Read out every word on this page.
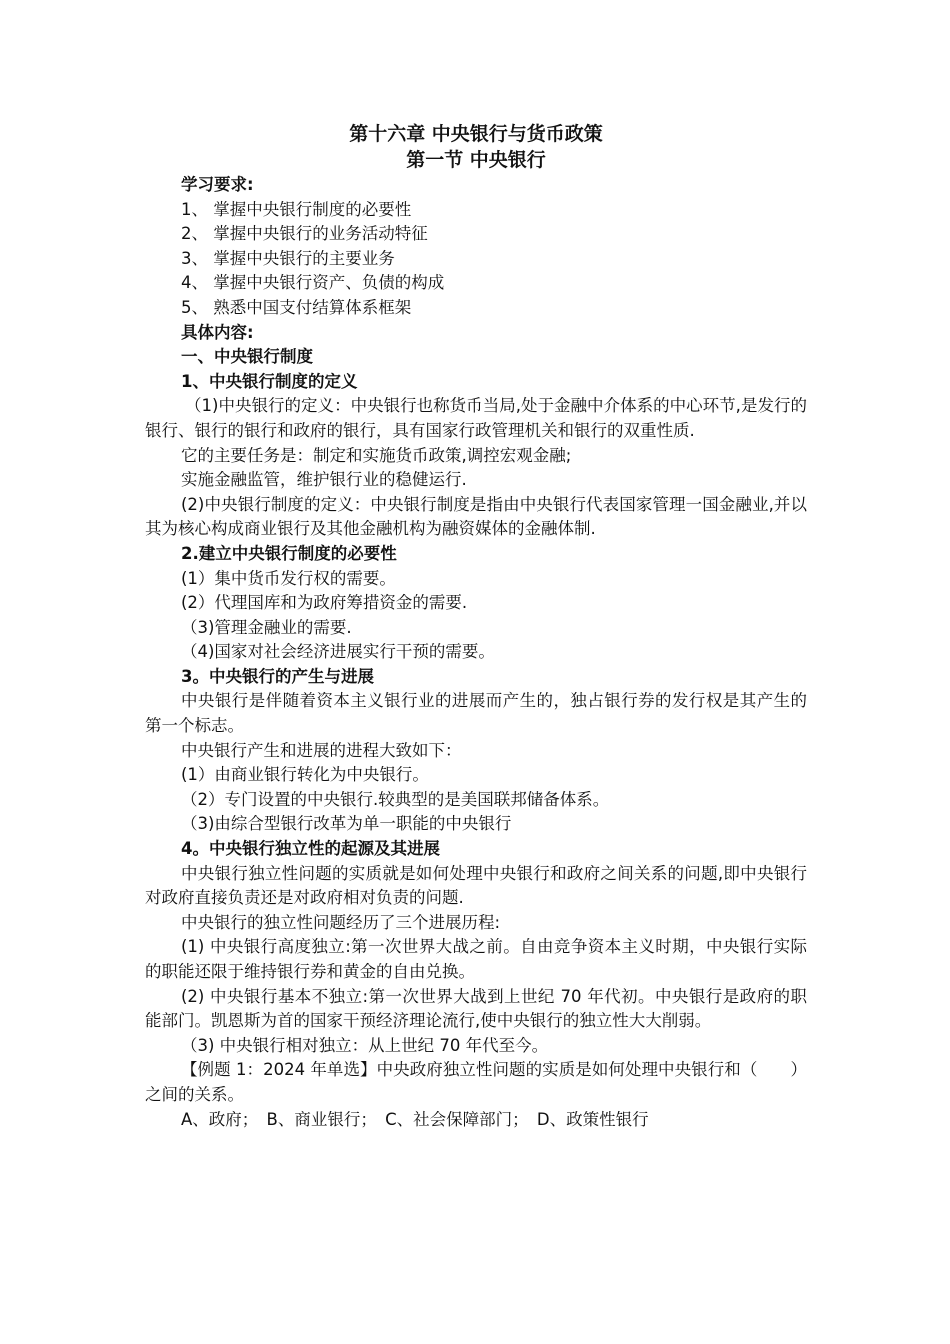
第十六章 中央银行与货币政策

第一节 中央银行

学习要求:

1、 掌握中央银行制度的必要性

2、 掌握中央银行的业务活动特征

3、 掌握中央银行的主要业务

4、 掌握中央银行资产、负债的构成

5、 熟悉中国支付结算体系框架

具体内容:

一、中央银行制度

1、中央银行制度的定义

（1)中央银行的定义：中央银行也称货币当局,处于金融中介体系的中心环节,是发行的银行、银行的银行和政府的银行，具有国家行政管理机关和银行的双重性质.

它的主要任务是：制定和实施货币政策,调控宏观金融;

实施金融监管，维护银行业的稳健运行.

(2)中央银行制度的定义：中央银行制度是指由中央银行代表国家管理一国金融业,并以其为核心构成商业银行及其他金融机构为融资媒体的金融体制.

2.建立中央银行制度的必要性

(1）集中货币发行权的需要。

(2）代理国库和为政府筹措资金的需要.

（3)管理金融业的需要.

（4)国家对社会经济进展实行干预的需要。

3。中央银行的产生与进展

中央银行是伴随着资本主义银行业的进展而产生的，独占银行券的发行权是其产生的第一个标志。

中央银行产生和进展的进程大致如下：

(1）由商业银行转化为中央银行。

（2）专门设置的中央银行.较典型的是美国联邦储备体系。

（3)由综合型银行改革为单一职能的中央银行

4。中央银行独立性的起源及其进展

中央银行独立性问题的实质就是如何处理中央银行和政府之间关系的问题,即中央银行对政府直接负责还是对政府相对负责的问题.

中央银行的独立性问题经历了三个进展历程:

(1) 中央银行高度独立:第一次世界大战之前。自由竞争资本主义时期，中央银行实际的职能还限于维持银行券和黄金的自由兑换。

(2) 中央银行基本不独立:第一次世界大战到上世纪 70 年代初。中央银行是政府的职能部门。凯恩斯为首的国家干预经济理论流行,使中央银行的独立性大大削弱。

（3) 中央银行相对独立：从上世纪 70 年代至今。

【例题 1：2024 年单选】中央政府独立性问题的实质是如何处理中央银行和（　　）之间的关系。

A、政府；　B、商业银行；　C、社会保障部门；　D、政策性银行
